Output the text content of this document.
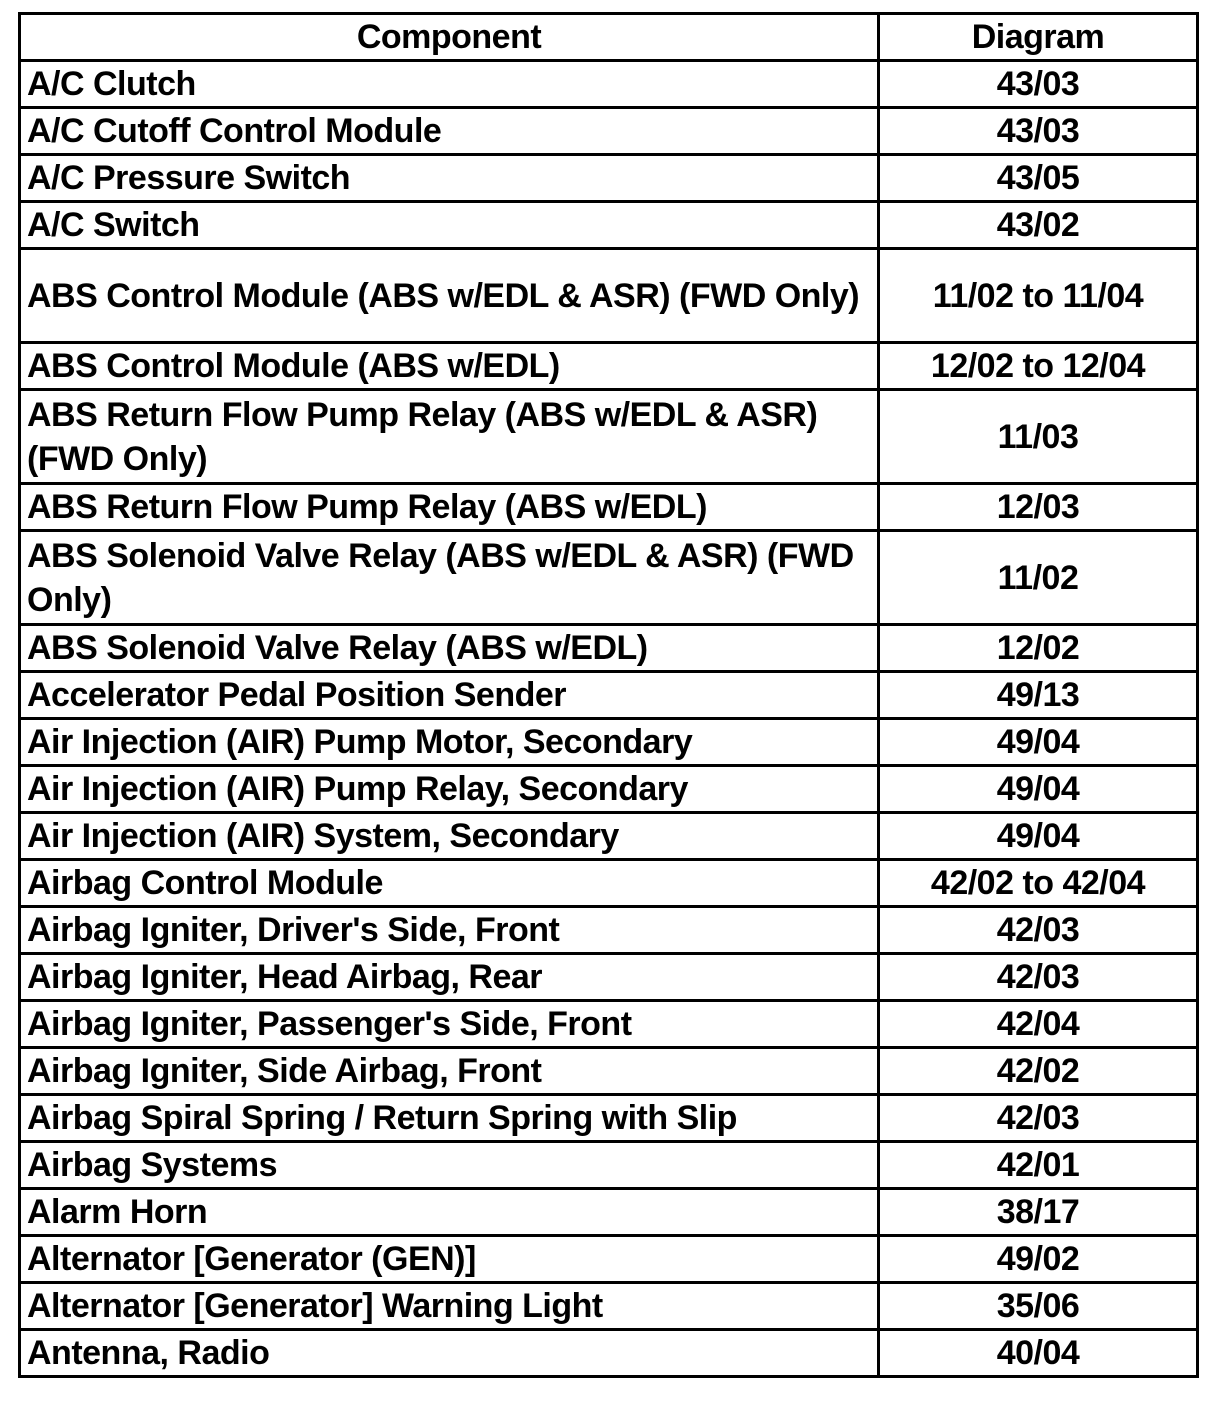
Component	Diagram
A/C Clutch	43/03
A/C Cutoff Control Module	43/03
A/C Pressure Switch	43/05
A/C Switch	43/02
ABS Control Module (ABS w/EDL & ASR) (FWD Only)	11/02 to 11/04
ABS Control Module (ABS w/EDL)	12/02 to 12/04
ABS Return Flow Pump Relay (ABS w/EDL & ASR) (FWD Only)	11/03
ABS Return Flow Pump Relay (ABS w/EDL)	12/03
ABS Solenoid Valve Relay (ABS w/EDL & ASR) (FWD Only)	11/02
ABS Solenoid Valve Relay (ABS w/EDL)	12/02
Accelerator Pedal Position Sender	49/13
Air Injection (AIR) Pump Motor, Secondary	49/04
Air Injection (AIR) Pump Relay, Secondary	49/04
Air Injection (AIR) System, Secondary	49/04
Airbag Control Module	42/02 to 42/04
Airbag Igniter, Driver's Side, Front	42/03
Airbag Igniter, Head Airbag, Rear	42/03
Airbag Igniter, Passenger's Side, Front	42/04
Airbag Igniter, Side Airbag, Front	42/02
Airbag Spiral Spring / Return Spring with Slip	42/03
Airbag Systems	42/01
Alarm Horn	38/17
Alternator [Generator (GEN)]	49/02
Alternator [Generator] Warning Light	35/06
Antenna, Radio	40/04
